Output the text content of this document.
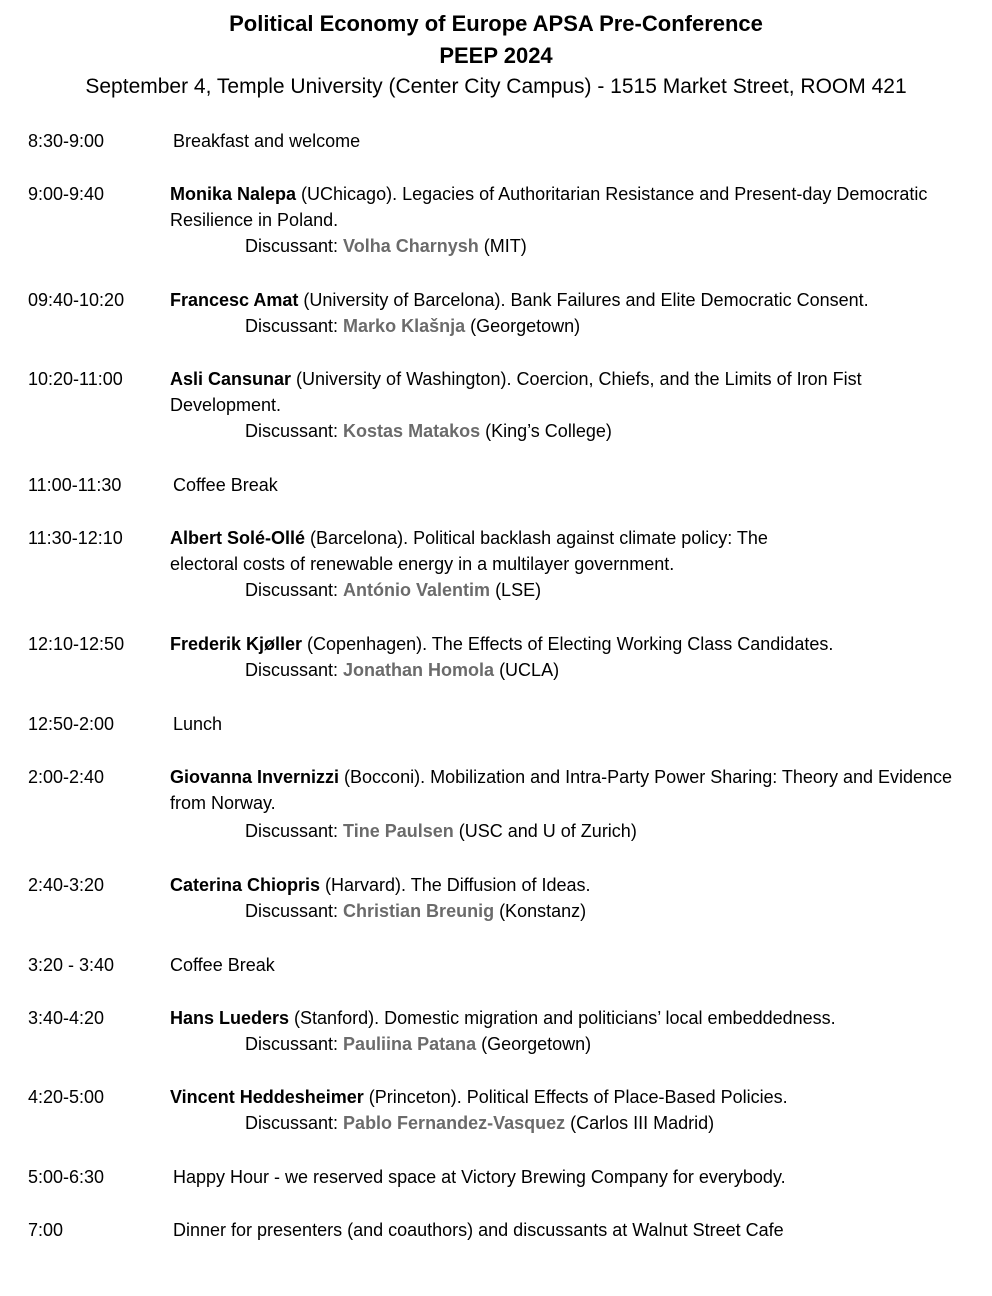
Political Economy of Europe APSA Pre-Conference

PEEP 2024

September 4, Temple University (Center City Campus) - 1515 Market Street, ROOM 421

8:30-9:00	Breakfast and welcome
9:00-9:40	Monika Nalepa (UChicago). Legacies of Authoritarian Resistance and Present-day Democratic Resilience in Poland.
Discussant: Volha Charnysh (MIT)
09:40-10:20	Francesc Amat (University of Barcelona). Bank Failures and Elite Democratic Consent.
Discussant: Marko Klašnja (Georgetown)
10:20-11:00	Asli Cansunar (University of Washington). Coercion, Chiefs, and the Limits of Iron Fist Development.
Discussant: Kostas Matakos (King’s College)
11:00-11:30	Coffee Break
11:30-12:10	Albert Solé-Ollé (Barcelona). Political backlash against climate policy: The electoral costs of renewable energy in a multilayer government.
Discussant: António Valentim (LSE)
12:10-12:50	Frederik Kjøller (Copenhagen). The Effects of Electing Working Class Candidates.
Discussant: Jonathan Homola (UCLA)
12:50-2:00	Lunch
2:00-2:40	Giovanna Invernizzi (Bocconi). Mobilization and Intra-Party Power Sharing: Theory and Evidence from Norway.
Discussant: Tine Paulsen (USC and U of Zurich)
2:40-3:20	Caterina Chiopris (Harvard). The Diffusion of Ideas.
Discussant: Christian Breunig (Konstanz)
3:20 - 3:40	Coffee Break
3:40-4:20	Hans Lueders (Stanford). Domestic migration and politicians’ local embeddedness.
Discussant: Pauliina Patana (Georgetown)
4:20-5:00	Vincent Heddesheimer (Princeton). Political Effects of Place-Based Policies.
Discussant: Pablo Fernandez-Vasquez (Carlos III Madrid)
5:00-6:30	Happy Hour - we reserved space at Victory Brewing Company for everybody.
7:00	Dinner for presenters (and coauthors) and discussants at Walnut Street Cafe
